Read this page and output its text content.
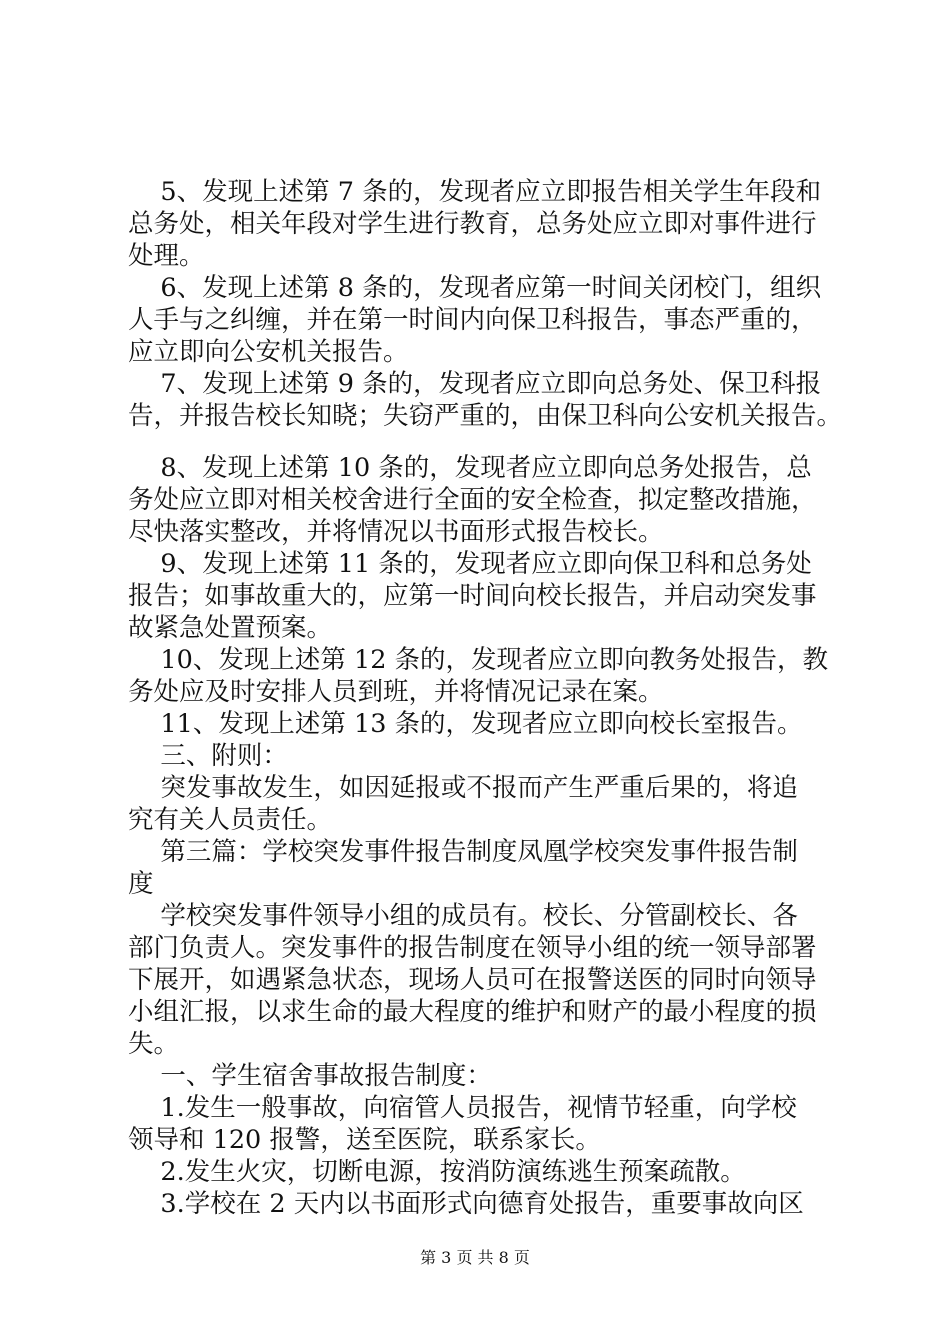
5、发现上述第 7 条的，发现者应立即报告相关学生年段和
总务处，相关年段对学生进行教育，总务处应立即对事件进行
处理。
6、发现上述第 8 条的，发现者应第一时间关闭校门，组织
人手与之纠缠，并在第一时间内向保卫科报告，事态严重的，
应立即向公安机关报告。
7、发现上述第 9 条的，发现者应立即向总务处、保卫科报
告，并报告校长知晓；失窃严重的，由保卫科向公安机关报告。
8、发现上述第 10 条的，发现者应立即向总务处报告，总
务处应立即对相关校舍进行全面的安全检查，拟定整改措施，
尽快落实整改，并将情况以书面形式报告校长。
9、发现上述第 11 条的，发现者应立即向保卫科和总务处
报告；如事故重大的，应第一时间向校长报告，并启动突发事
故紧急处置预案。
10、发现上述第 12 条的，发现者应立即向教务处报告，教
务处应及时安排人员到班，并将情况记录在案。
11、发现上述第 13 条的，发现者应立即向校长室报告。
三、附则：
突发事故发生，如因延报或不报而产生严重后果的，将追
究有关人员责任。
第三篇：学校突发事件报告制度凤凰学校突发事件报告制
度
学校突发事件领导小组的成员有。校长、分管副校长、各
部门负责人。突发事件的报告制度在领导小组的统一领导部署
下展开，如遇紧急状态，现场人员可在报警送医的同时向领导
小组汇报，以求生命的最大程度的维护和财产的最小程度的损
失。
一、学生宿舍事故报告制度：
1.发生一般事故，向宿管人员报告，视情节轻重，向学校
领导和 120 报警，送至医院，联系家长。
2.发生火灾，切断电源，按消防演练逃生预案疏散。
3.学校在 2 天内以书面形式向德育处报告，重要事故向区
第 3 页 共 8 页
